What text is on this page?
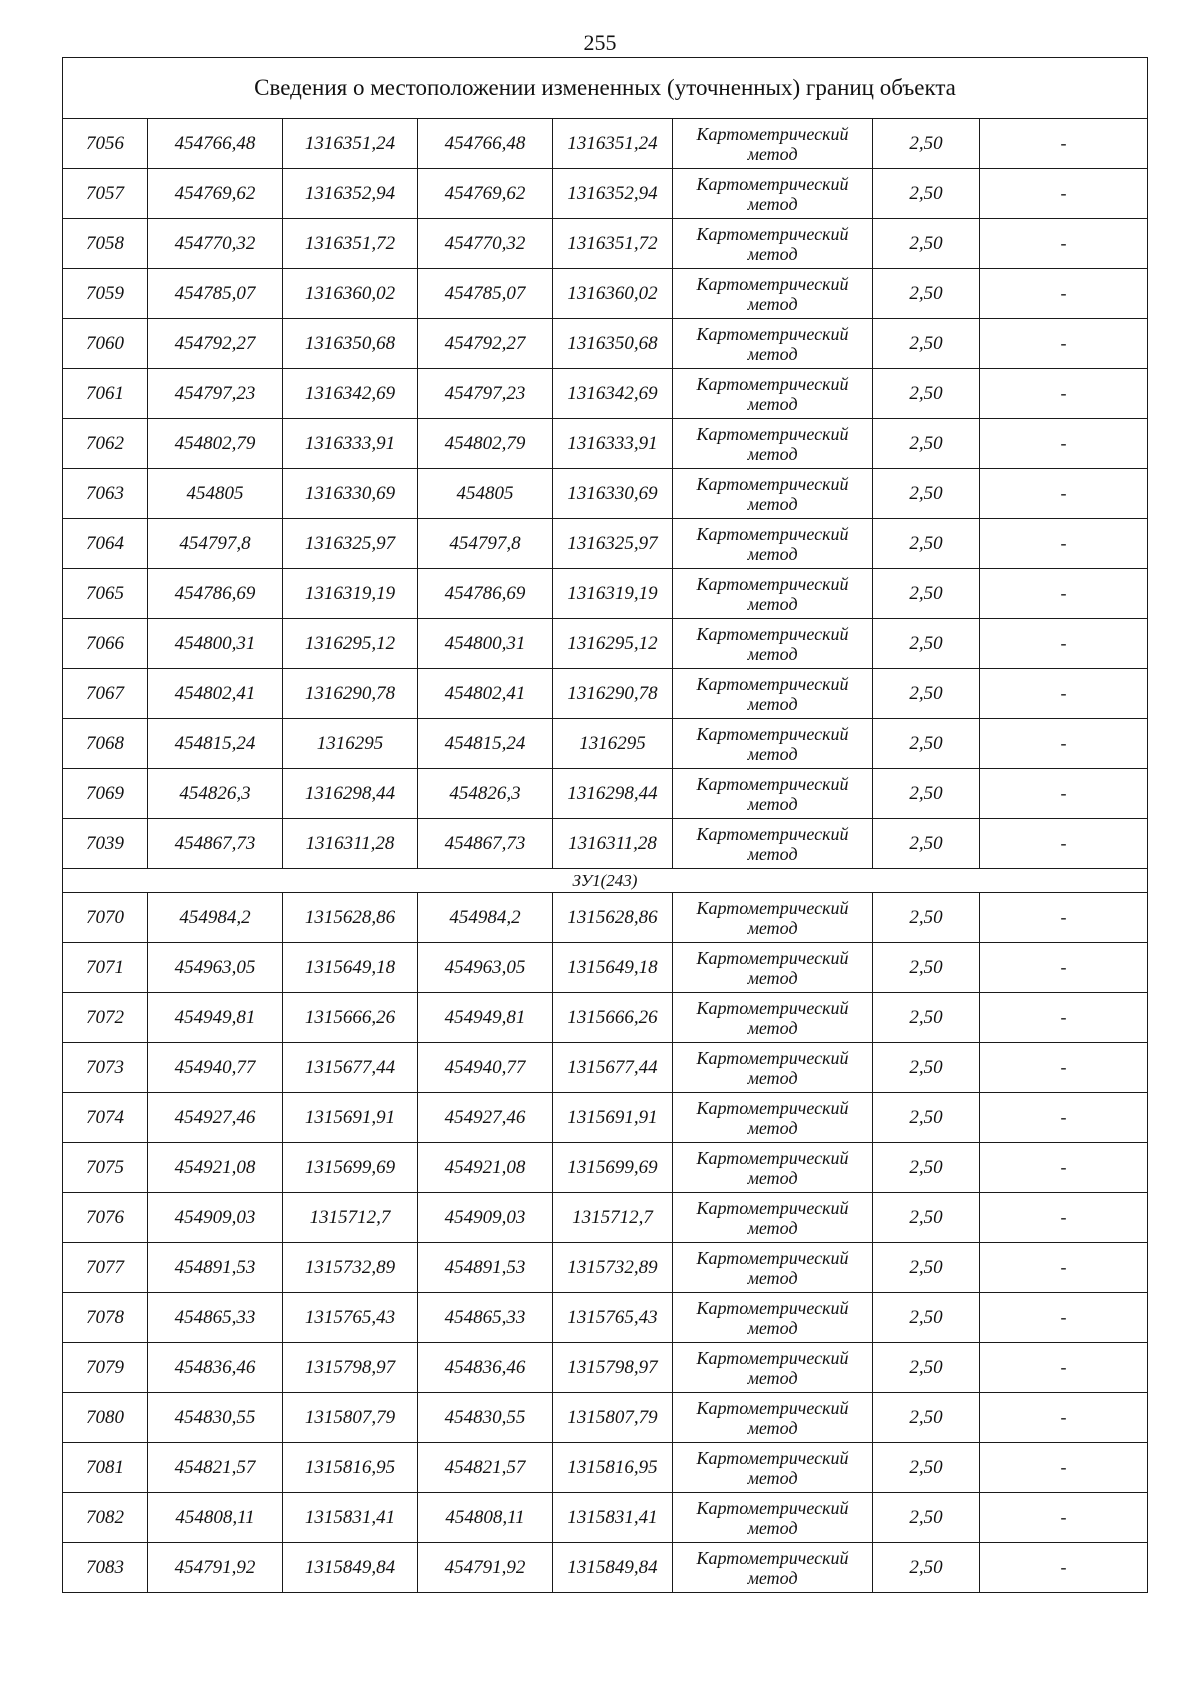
255
Сведения о местоположении измененных (уточненных) границ объекта							
7056	454766,48	1316351,24	454766,48	1316351,24	Картометрический метод	2,50	-
7057	454769,62	1316352,94	454769,62	1316352,94	Картометрический метод	2,50	-
7058	454770,32	1316351,72	454770,32	1316351,72	Картометрический метод	2,50	-
7059	454785,07	1316360,02	454785,07	1316360,02	Картометрический метод	2,50	-
7060	454792,27	1316350,68	454792,27	1316350,68	Картометрический метод	2,50	-
7061	454797,23	1316342,69	454797,23	1316342,69	Картометрический метод	2,50	-
7062	454802,79	1316333,91	454802,79	1316333,91	Картометрический метод	2,50	-
7063	454805	1316330,69	454805	1316330,69	Картометрический метод	2,50	-
7064	454797,8	1316325,97	454797,8	1316325,97	Картометрический метод	2,50	-
7065	454786,69	1316319,19	454786,69	1316319,19	Картометрический метод	2,50	-
7066	454800,31	1316295,12	454800,31	1316295,12	Картометрический метод	2,50	-
7067	454802,41	1316290,78	454802,41	1316290,78	Картометрический метод	2,50	-
7068	454815,24	1316295	454815,24	1316295	Картометрический метод	2,50	-
7069	454826,3	1316298,44	454826,3	1316298,44	Картометрический метод	2,50	-
7039	454867,73	1316311,28	454867,73	1316311,28	Картометрический метод	2,50	-
ЗУ1(243)							
7070	454984,2	1315628,86	454984,2	1315628,86	Картометрический метод	2,50	-
7071	454963,05	1315649,18	454963,05	1315649,18	Картометрический метод	2,50	-
7072	454949,81	1315666,26	454949,81	1315666,26	Картометрический метод	2,50	-
7073	454940,77	1315677,44	454940,77	1315677,44	Картометрический метод	2,50	-
7074	454927,46	1315691,91	454927,46	1315691,91	Картометрический метод	2,50	-
7075	454921,08	1315699,69	454921,08	1315699,69	Картометрический метод	2,50	-
7076	454909,03	1315712,7	454909,03	1315712,7	Картометрический метод	2,50	-
7077	454891,53	1315732,89	454891,53	1315732,89	Картометрический метод	2,50	-
7078	454865,33	1315765,43	454865,33	1315765,43	Картометрический метод	2,50	-
7079	454836,46	1315798,97	454836,46	1315798,97	Картометрический метод	2,50	-
7080	454830,55	1315807,79	454830,55	1315807,79	Картометрический метод	2,50	-
7081	454821,57	1315816,95	454821,57	1315816,95	Картометрический метод	2,50	-
7082	454808,11	1315831,41	454808,11	1315831,41	Картометрический метод	2,50	-
7083	454791,92	1315849,84	454791,92	1315849,84	Картометрический метод	2,50	-
